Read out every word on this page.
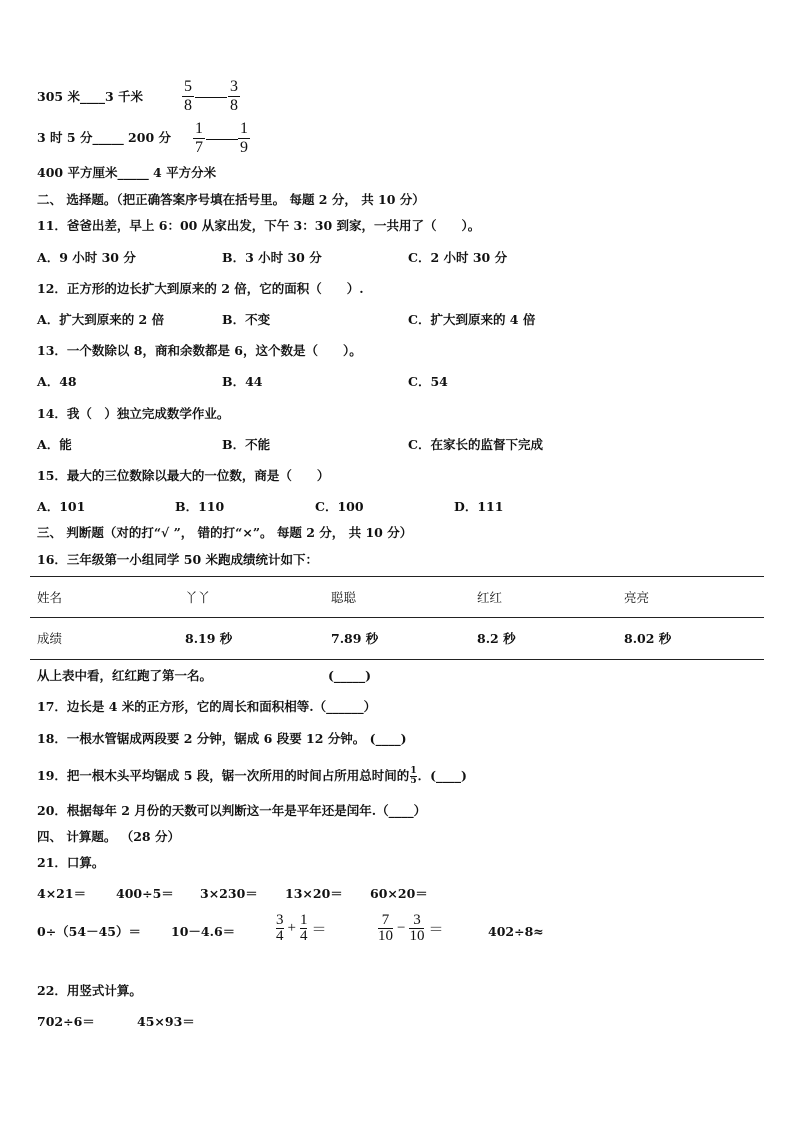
305 米____3 千米
5
8
3
8
3 时 5 分_____ 200 分
1
7
1
9
400 平方厘米_____ 4 平方分米
二、 选择题。（把正确答案序号填在括号里。 每题 2 分， 共 10 分）
11．爸爸出差，早上 6：00 从家出发，下午 3：30 到家，一共用了（　　）。
A．9 小时 30 分	B．3 小时 30 分	C．2 小时 30 分
12．正方形的边长扩大到原来的 2 倍，它的面积（　　）.
A．扩大到原来的 2 倍	B．不变	C．扩大到原来的 4 倍
13．一个数除以 8，商和余数都是 6，这个数是（　　）。
A．48	B．44	C．54
14．我（　）独立完成数学作业。
A．能	B．不能	C．在家长的监督下完成
15．最大的三位数除以最大的一位数，商是（　　）
A．101	B．110	C．100	D．111
三、 判断题（对的打“√ ”， 错的打“×”。 每题 2 分， 共 10 分）
16．三年级第一小组同学 50 米跑成绩统计如下：
姓名	丫丫	聪聪	红红	亮亮
成绩	8.19 秒	7.89 秒	8.2 秒	8.02 秒
从上表中看，红红跑了第一名。	(_____)
17．边长是 4 米的正方形，它的周长和面积相等.（______）
18．一根水管锯成两段要 2 分钟，锯成 6 段要 12 分钟。 (____)
19．把一根木头平均锯成 5 段，锯一次所用的时间占所用总时间的 $\frac{1}{5}$ ．(____)
20．根据每年 2 月份的天数可以判断这一年是平年还是闰年.（____）
四、 计算题。 （28 分）
21．口算。
4×21＝ 400÷5＝ 3×230＝ 13×20＝ 60×20＝
0÷（54－45）＝ 10－4.6＝
3
$4 + \frac{1}{4}$ ＝
7
$10 - \frac{3}{10}$ ＝	402÷8≈
22．用竖式计算。
702÷6＝	45×93＝
